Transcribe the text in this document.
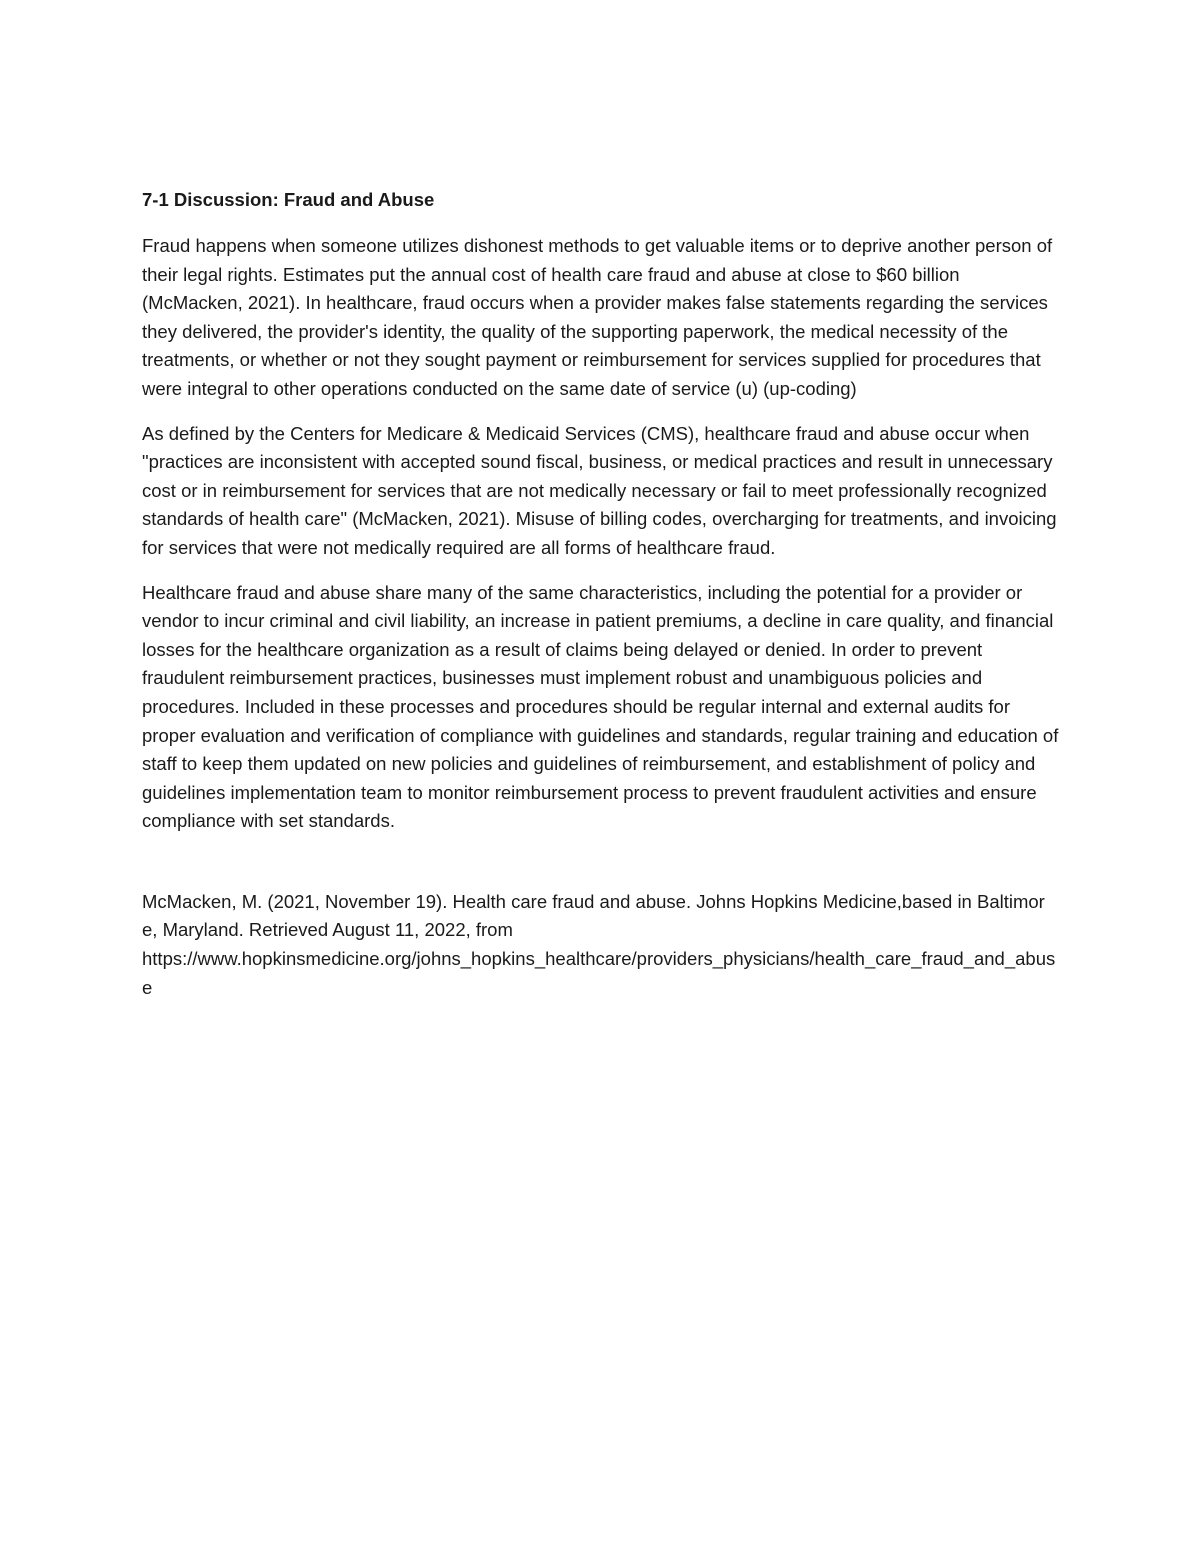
7-1 Discussion: Fraud and Abuse

Fraud happens when someone utilizes dishonest methods to get valuable items or to deprive another person of their legal rights. Estimates put the annual cost of health care fraud and abuse at close to $60 billion (McMacken, 2021). In healthcare, fraud occurs when a provider makes false statements regarding the services they delivered, the provider's identity, the quality of the supporting paperwork, the medical necessity of the treatments, or whether or not they sought payment or reimbursement for services supplied for procedures that were integral to other operations conducted on the same date of service (u) (up-coding)

As defined by the Centers for Medicare & Medicaid Services (CMS), healthcare fraud and abuse occur when "practices are inconsistent with accepted sound fiscal, business, or medical practices and result in unnecessary cost or in reimbursement for services that are not medically necessary or fail to meet professionally recognized standards of health care" (McMacken, 2021). Misuse of billing codes, overcharging for treatments, and invoicing for services that were not medically required are all forms of healthcare fraud.

Healthcare fraud and abuse share many of the same characteristics, including the potential for a provider or vendor to incur criminal and civil liability, an increase in patient premiums, a decline in care quality, and financial losses for the healthcare organization as a result of claims being delayed or denied. In order to prevent fraudulent reimbursement practices, businesses must implement robust and unambiguous policies and procedures. Included in these processes and procedures should be regular internal and external audits for proper evaluation and verification of compliance with guidelines and standards, regular training and education of staff to keep them updated on new policies and guidelines of reimbursement, and establishment of policy and guidelines implementation team to monitor reimbursement process to prevent fraudulent activities and ensure compliance with set standards.

McMacken, M. (2021, November 19). Health care fraud and abuse. Johns Hopkins Medicine,based in Baltimore, Maryland. Retrieved August 11, 2022, from
https://www.hopkinsmedicine.org/johns_hopkins_healthcare/providers_physicians/health_care_fraud_and_abuse
